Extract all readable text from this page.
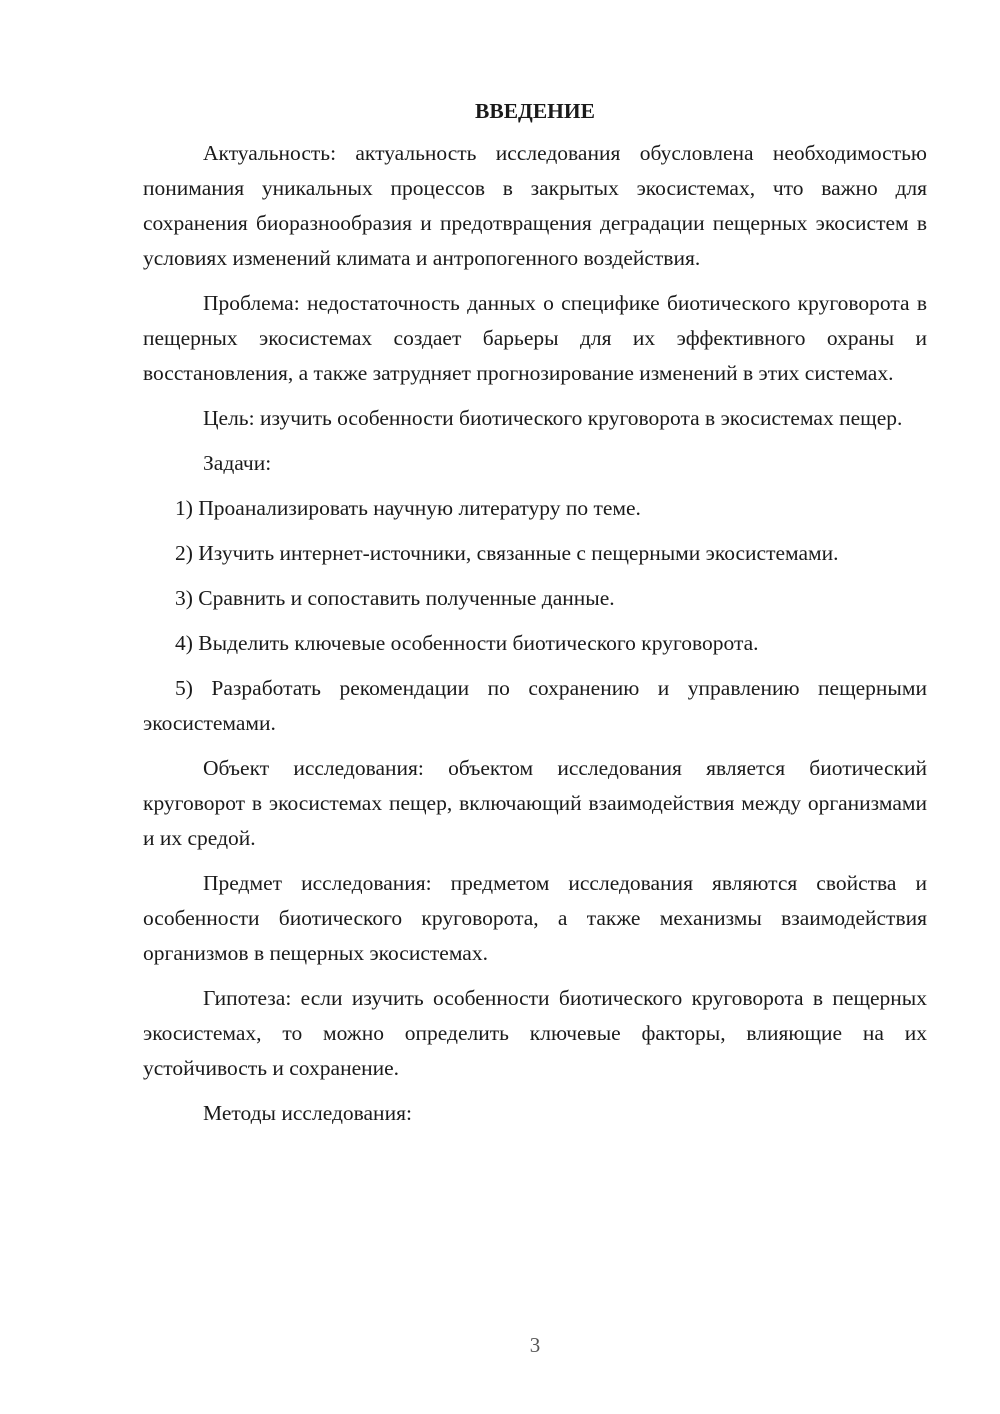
ВВЕДЕНИЕ

Актуальность: актуальность исследования обусловлена необходимостью понимания уникальных процессов в закрытых экосистемах, что важно для сохранения биоразнообразия и предотвращения деградации пещерных экосистем в условиях изменений климата и антропогенного воздействия.

Проблема: недостаточность данных о специфике биотического круговорота в пещерных экосистемах создает барьеры для их эффективного охраны и восстановления, а также затрудняет прогнозирование изменений в этих системах.

Цель: изучить особенности биотического круговорота в экосистемах пещер.

Задачи:

1) Проанализировать научную литературу по теме.

2) Изучить интернет-источники, связанные с пещерными экосистемами.

3) Сравнить и сопоставить полученные данные.

4) Выделить ключевые особенности биотического круговорота.

5) Разработать рекомендации по сохранению и управлению пещерными экосистемами.

Объект исследования: объектом исследования является биотический круговорот в экосистемах пещер, включающий взаимодействия между организмами и их средой.

Предмет исследования: предметом исследования являются свойства и особенности биотического круговорота, а также механизмы взаимодействия организмов в пещерных экосистемах.

Гипотеза: если изучить особенности биотического круговорота в пещерных экосистемах, то можно определить ключевые факторы, влияющие на их устойчивость и сохранение.

Методы исследования:

3
